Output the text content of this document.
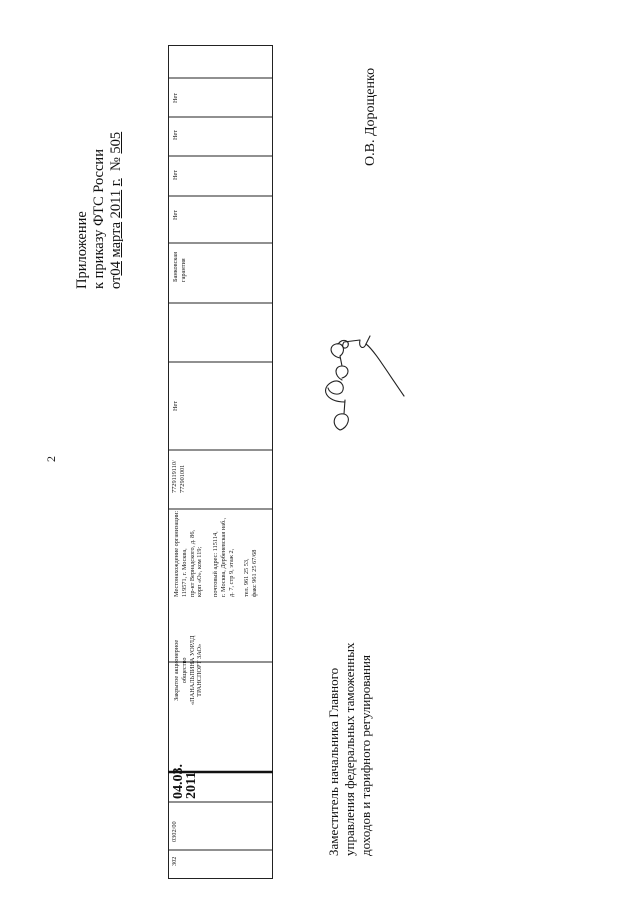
2
Приложение к приказу ФТС России от04 марта 2011 г.  № 505
302
0302/00
04.03.
2011
Закрытое акционерное
общество
«ПАНАЛЬПИНА УОРЛД
ТРАНСПОРТ ЗАО»
Местонахождение организации:
119571, г. Москва,
пр-кт Вернадского, д. 86,
корп «О», ком 119;

почтовый адрес: 115114,
г. Москва, Дербеневская наб.,
д. 7, стр 9, этаж 2,

тел. 961 25 53,
факс 961 25 67/68
7729119110/
772901001
Нет
Банковская
гарантия
Нет
Нет
Нет
Нет
Заместитель начальника Главного управления федеральных таможенных доходов и тарифного регулирования
О.В. Дорощенко
